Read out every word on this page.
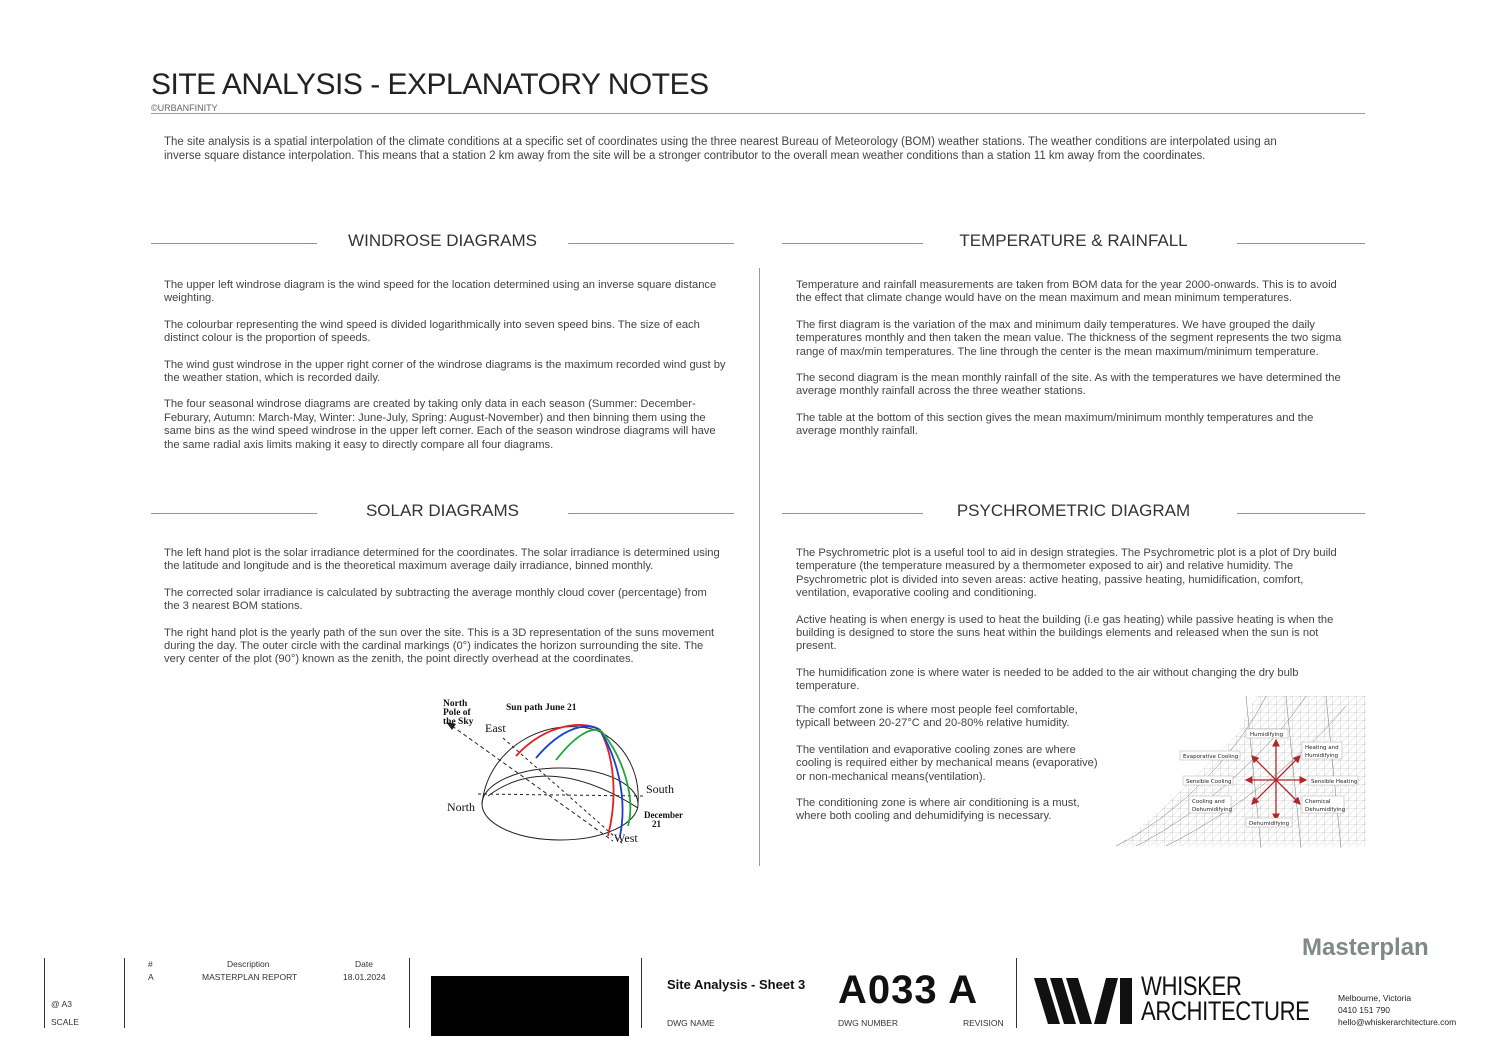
SITE ANALYSIS - EXPLANATORY NOTES
©URBANFINITY
The site analysis is a spatial interpolation of the climate conditions at a specific set of coordinates using the three nearest Bureau of Meteorology (BOM) weather stations. The weather conditions are interpolated using an inverse square distance interpolation. This means that a station 2 km away from the site will be a stronger contributor to the overall mean weather conditions than a station 11 km away from the coordinates.
WINDROSE DIAGRAMS

The upper left windrose diagram is the wind speed for the location determined using an inverse square distance weighting.

The colourbar representing the wind speed is divided logarithmically into seven speed bins. The size of each distinct colour is the proportion of speeds.

The wind gust windrose in the upper right corner of the windrose diagrams is the maximum recorded wind gust by the weather station, which is recorded daily.

The four seasonal windrose diagrams are created by taking only data in each season (Summer: December-Feburary, Autumn: March-May, Winter: June-July, Spring: August-November) and then binning them using the same bins as the wind speed windrose in the upper left corner. Each of the season windrose diagrams will have the same radial axis limits making it easy to directly compare all four diagrams.

TEMPERATURE & RAINFALL

Temperature and rainfall measurements are taken from BOM data for the year 2000-onwards. This is to avoid the effect that climate change would have on the mean maximum and mean minimum temperatures.

The first diagram is the variation of the max and minimum daily temperatures. We have grouped the daily temperatures monthly and then taken the mean value. The thickness of the segment represents the two sigma range of max/min temperatures. The line through the center is the mean maximum/minimum temperature.

The second diagram is the mean monthly rainfall of the site. As with the temperatures we have determined the average monthly rainfall across the three weather stations.

The table at the bottom of this section gives the mean maximum/minimum monthly temperatures and the average monthly rainfall.

SOLAR DIAGRAMS

The left hand plot is the solar irradiance determined for the coordinates. The solar irradiance is determined using the latitude and longitude and is the theoretical maximum average daily irradiance, binned monthly.

The corrected solar irradiance is calculated by subtracting the average monthly cloud cover (percentage) from the 3 nearest BOM stations.

The right hand plot is the yearly path of the sun over the site. This is a 3D representation of the suns movement during the day. The outer circle with the cardinal markings (0°) indicates the horizon surrounding the site. The very center of the plot (90°) known as the zenith, the point directly overhead at the coordinates.

North
Pole of
the Sky
Sun path June 21
East
South
North
West
December
21
PSYCHROMETRIC DIAGRAM

The Psychrometric plot is a useful tool to aid in design strategies. The Psychrometric plot is a plot of Dry build temperature (the temperature measured by a thermometer exposed to air) and relative humidity. The Psychrometric plot is divided into seven areas: active heating, passive heating, humidification, comfort, ventilation, evaporative cooling and conditioning.

Active heating is when energy is used to heat the building (i.e gas heating) while passive heating is when the building is designed to store the suns heat within the buildings elements and released when the sun is not present.

The humidification zone is where water is needed to be added to the air without changing the dry bulb temperature.

The comfort zone is where most people feel comfortable, typicall between 20-27°C and 20-80% relative humidity.

The ventilation and evaporative cooling zones are where cooling is required either by mechanical means (evaporative) or non-mechanical means(ventilation).

The conditioning zone is where air conditioning is a must, where both cooling and dehumidifying is necessary.

Humidifying
Heating and
Humidifying
Evaporative Cooling
Sensible Cooling	Sensible Heating
Cooling and
Dehumidifying
Chemical
Dehumidifying
Dehumidifying
@ A3
SCALE
#	Description	Date
A	MASTERPLAN REPORT	18.01.2024	Site Analysis - Sheet 3
DWG NAME
A033 A
DWG NUMBER	REVISION
Masterplan
WHISKER
ARCHITECTURE	Melbourne, Victoria
0410 151 790
hello@whiskerarchitecture.com
